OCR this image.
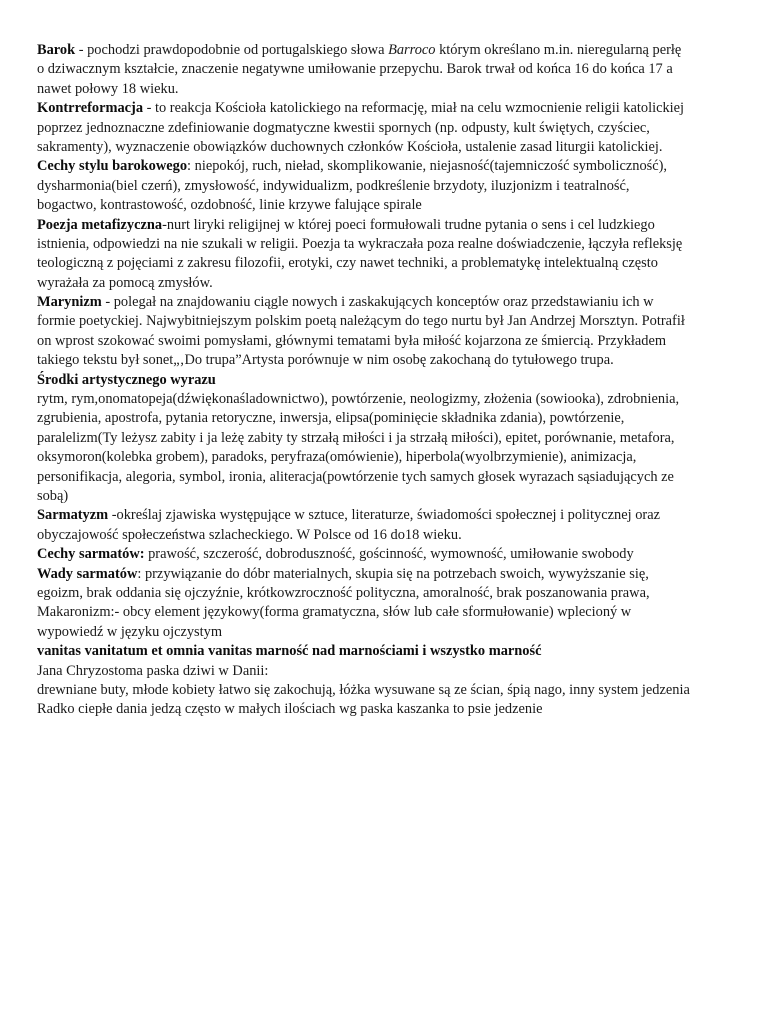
Barok - pochodzi prawdopodobnie od portugalskiego słowa Barroco którym określano m.in. nieregularną perłę
o dziwacznym kształcie, znaczenie negatywne umiłowanie przepychu. Barok trwał od końca 16 do końca 17 a
nawet połowy 18 wieku.
Kontrreformacja - to reakcja Kościoła katolickiego na reformację, miał na celu wzmocnienie religii katolickiej
poprzez jednoznaczne zdefiniowanie dogmatyczne kwestii spornych (np. odpusty, kult świętych, czyściec,
sakramenty), wyznaczenie obowiązków duchownych członków Kościoła, ustalenie zasad liturgii katolickiej.
Cechy stylu barokowego: niepokój, ruch, nieład, skomplikowanie, niejasność(tajemniczość symboliczność),
dysharmonia(biel czerń), zmysłowość, indywidualizm, podkreślenie brzydoty, iluzjonizm i teatralność,
bogactwo, kontrastowość, ozdobność, linie krzywe falujące spirale
Poezja metafizyczna-nurt liryki religijnej w której poeci formułowali trudne pytania o sens i cel ludzkiego
istnienia, odpowiedzi na nie szukali w religii. Poezja ta wykraczała poza realne doświadczenie, łączyła refleksję
teologiczną z pojęciami z zakresu filozofii, erotyki, czy nawet techniki, a problematykę intelektualną często
wyrażała za pomocą zmysłów.
Marynizm - polegał na znajdowaniu ciągle nowych i zaskakujących konceptów oraz przedstawianiu ich w
formie poetyckiej. Najwybitniejszym polskim poetą należącym do tego nurtu był Jan Andrzej Morsztyn. Potrafił
on wprost szokować swoimi pomysłami, głównymi tematami była miłość kojarzona ze śmiercią. Przykładem
takiego tekstu był sonet„‚Do trupa”Artysta porównuje w nim osobę zakochaną do tytułowego trupa.
Środki artystycznego wyrazu
rytm, rym,onomatopeja(dźwiękonaśladownictwo), powtórzenie, neologizmy, złożenia (sowiooka), zdrobnienia,
zgrubienia, apostrofa, pytania retoryczne, inwersja, elipsa(pominięcie składnika zdania), powtórzenie,
paralelizm(Ty leżysz zabity i ja leżę zabity ty strzałą miłości i ja strzałą miłości), epitet, porównanie, metafora,
oksymoron(kolebka grobem), paradoks, peryfraza(omówienie), hiperbola(wyolbrzymienie), animizacja,
personifikacja, alegoria, symbol, ironia, aliteracja(powtórzenie tych samych głosek wyrazach sąsiadujących ze
sobą)
Sarmatyzm -określaj zjawiska występujące w sztuce, literaturze, świadomości społecznej i politycznej oraz
obyczajowość społeczeństwa szlacheckiego. W Polsce od 16 do18 wieku.
Cechy sarmatów: prawość, szczerość, dobroduszność, gościnność, wymowność, umiłowanie swobody
Wady sarmatów: przywiązanie do dóbr materialnych, skupia się na potrzebach swoich, wywyższanie się,
egoizm, brak oddania się ojczyźnie, krótkowzroczność polityczna, amoralność, brak poszanowania prawa,
Makaronizm:- obcy element językowy(forma gramatyczna, słów lub całe sformułowanie) wplecioný w
wypowiedź w języku ojczystym
vanitas vanitatum et omnia vanitas marność nad marnościami i wszystko marność
Jana Chryzostoma paska dziwi w Danii:
drewniane buty, młode kobiety łatwo się zakochują, łóżka wysuwane są ze ścian, śpią nago, inny system jedzenia
Radko ciepłe dania jedzą często w małych ilościach wg paska kaszanka to psie jedzenie
